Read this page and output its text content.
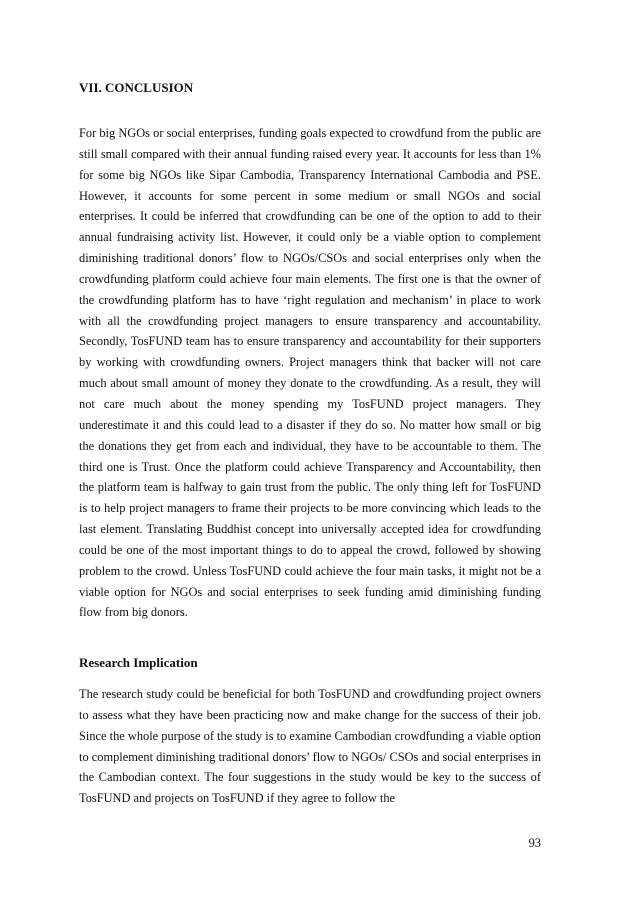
VII. CONCLUSION

For big NGOs or social enterprises, funding goals expected to crowdfund from the public are still small compared with their annual funding raised every year. It accounts for less than 1% for some big NGOs like Sipar Cambodia, Transparency International Cambodia and PSE. However, it accounts for some percent in some medium or small NGOs and social enterprises. It could be inferred that crowdfunding can be one of the option to add to their annual fundraising activity list. However, it could only be a viable option to complement diminishing traditional donors’ flow to NGOs/CSOs and social enterprises only when the crowdfunding platform could achieve four main elements. The first one is that the owner of the crowdfunding platform has to have ‘right regulation and mechanism’ in place to work with all the crowdfunding project managers to ensure transparency and accountability. Secondly, TosFUND team has to ensure transparency and accountability for their supporters by working with crowdfunding owners. Project managers think that backer will not care much about small amount of money they donate to the crowdfunding. As a result, they will not care much about the money spending my TosFUND project managers. They underestimate it and this could lead to a disaster if they do so. No matter how small or big the donations they get from each and individual, they have to be accountable to them. The third one is Trust. Once the platform could achieve Transparency and Accountability, then the platform team is halfway to gain trust from the public. The only thing left for TosFUND is to help project managers to frame their projects to be more convincing which leads to the last element. Translating Buddhist concept into universally accepted idea for crowdfunding could be one of the most important things to do to appeal the crowd, followed by showing problem to the crowd. Unless TosFUND could achieve the four main tasks, it might not be a viable option for NGOs and social enterprises to seek funding amid diminishing funding flow from big donors.

Research Implication

The research study could be beneficial for both TosFUND and crowdfunding project owners to assess what they have been practicing now and make change for the success of their job. Since the whole purpose of the study is to examine Cambodian crowdfunding a viable option to complement diminishing traditional donors’ flow to NGOs/ CSOs and social enterprises in the Cambodian context. The four suggestions in the study would be key to the success of TosFUND and projects on TosFUND if they agree to follow the

93
